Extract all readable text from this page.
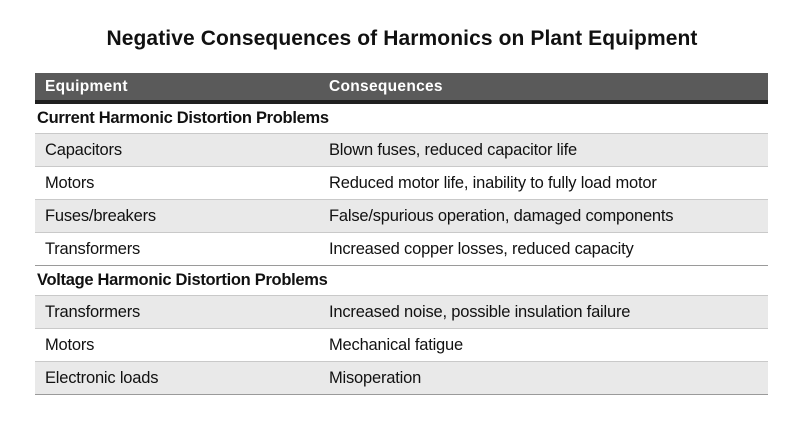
Negative Consequences of Harmonics on Plant Equipment
Equipment	Consequences
Current Harmonic Distortion Problems
Capacitors	Blown fuses, reduced capacitor life
Motors	Reduced motor life, inability to fully load motor
Fuses/breakers	False/spurious operation, damaged components
Transformers	Increased copper losses, reduced capacity
Voltage Harmonic Distortion Problems
Transformers	Increased noise, possible insulation failure
Motors	Mechanical fatigue
Electronic loads	Misoperation
